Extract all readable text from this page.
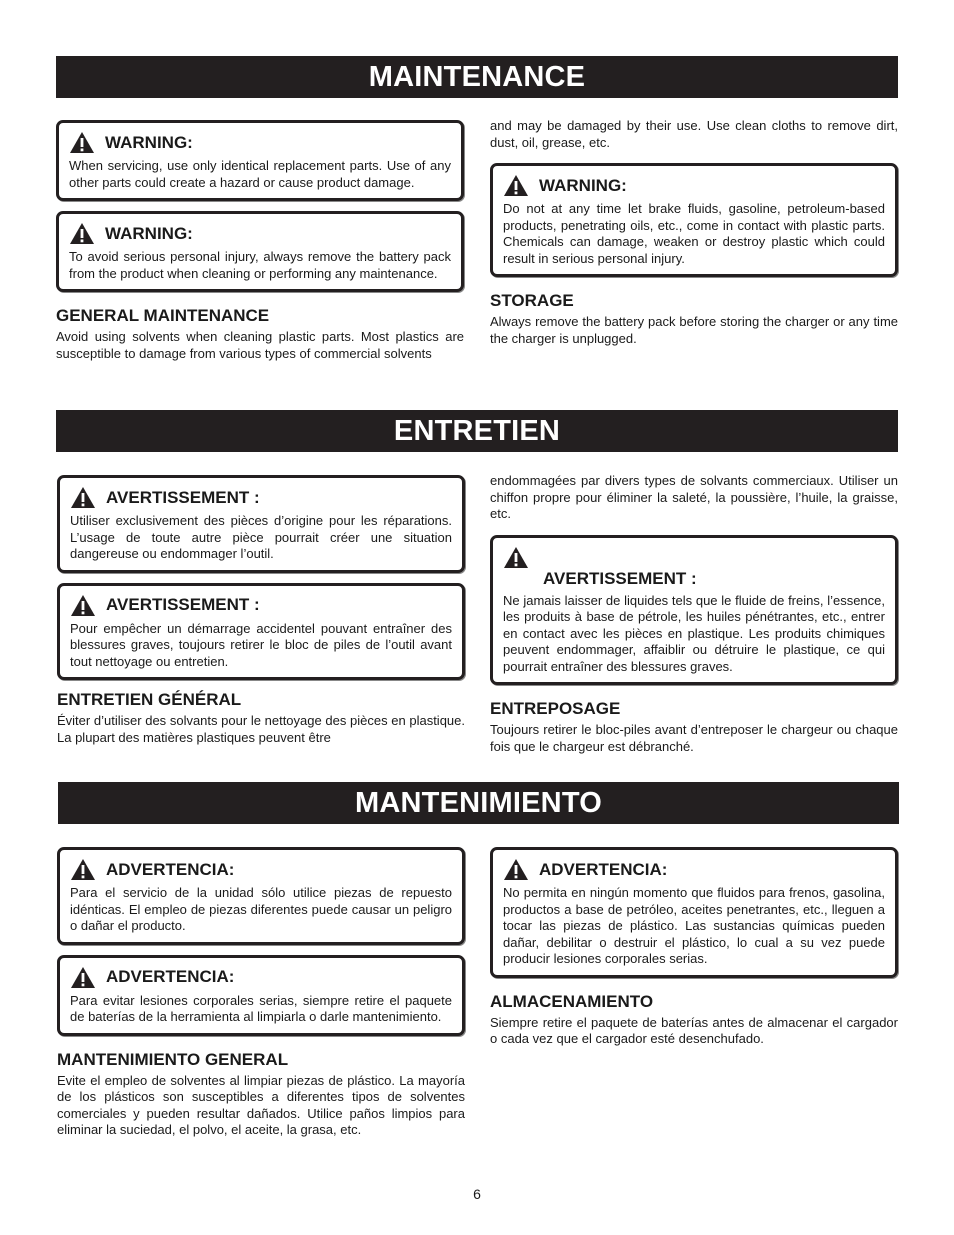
MAINTENANCE
WARNING:

When servicing, use only identical replacement parts. Use of any other parts could create a hazard or cause product damage.

WARNING:

To avoid serious personal injury, always remove the battery pack from the product when cleaning or performing any maintenance.

GENERAL MAINTENANCE

Avoid using solvents when cleaning plastic parts. Most plastics are susceptible to damage from various types of commercial solvents

and may be damaged by their use. Use clean cloths to remove dirt, dust, oil, grease, etc.

WARNING:

Do not at any time let brake fluids, gasoline, petroleum-based products, penetrating oils, etc., come in contact with plastic parts. Chemicals can damage, weaken or destroy plastic which could result in serious personal injury.

STORAGE

Always remove the battery pack before storing the charger or any time the charger is unplugged.

ENTRETIEN
AVERTISSEMENT :

Utiliser exclusivement des pièces d’origine pour les réparations. L’usage de toute autre pièce pourrait créer une situation dangereuse ou endommager l’outil.

AVERTISSEMENT :

Pour empêcher un démarrage accidentel pouvant entraîner des blessures graves, toujours retirer le bloc de piles de l’outil avant tout nettoyage ou entretien.

ENTRETIEN GÉNÉRAL

Éviter d’utiliser des solvants pour le nettoyage des pièces en plastique. La plupart des matières plastiques peuvent être

endommagées par divers types de solvants commerciaux. Utiliser un chiffon propre pour éliminer la saleté, la poussière, l’huile, la graisse, etc.

AVERTISSEMENT :

Ne jamais laisser de liquides tels que le fluide de freins, l’essence, les produits à base de pétrole, les huiles pénétrantes, etc., entrer en contact avec les pièces en plastique. Les produits chimiques peuvent endommager, affaiblir ou détruire le plastique, ce qui pourrait entraîner des blessures graves.

ENTREPOSAGE

Toujours retirer le bloc-piles avant d’entreposer le chargeur ou chaque fois que le chargeur est débranché.

MANTENIMIENTO
ADVERTENCIA:

Para el servicio de la unidad sólo utilice piezas de repuesto idénticas. El empleo de piezas diferentes puede causar un peligro o dañar el producto.

ADVERTENCIA:

Para evitar lesiones corporales serias, siempre retire el paquete de baterías de la herramienta al limpiarla o darle mantenimiento.

MANTENIMIENTO GENERAL

Evite el empleo de solventes al limpiar piezas de plástico. La mayoría de los plásticos son susceptibles a diferentes tipos de solventes comerciales y pueden resultar dañados. Utilice paños limpios para eliminar la suciedad, el polvo, el aceite, la grasa, etc.

ADVERTENCIA:

No permita en ningún momento que fluidos para frenos, gasolina, productos a base de petróleo, aceites penetrantes, etc., lleguen a tocar las piezas de plástico. Las sustancias químicas pueden dañar, debilitar o destruir el plástico, lo cual a su vez puede producir lesiones corporales serias.

ALMACENAMIENTO

Siempre retire el paquete de baterías antes de almacenar el cargador o cada vez que el cargador esté desenchufado.

6
